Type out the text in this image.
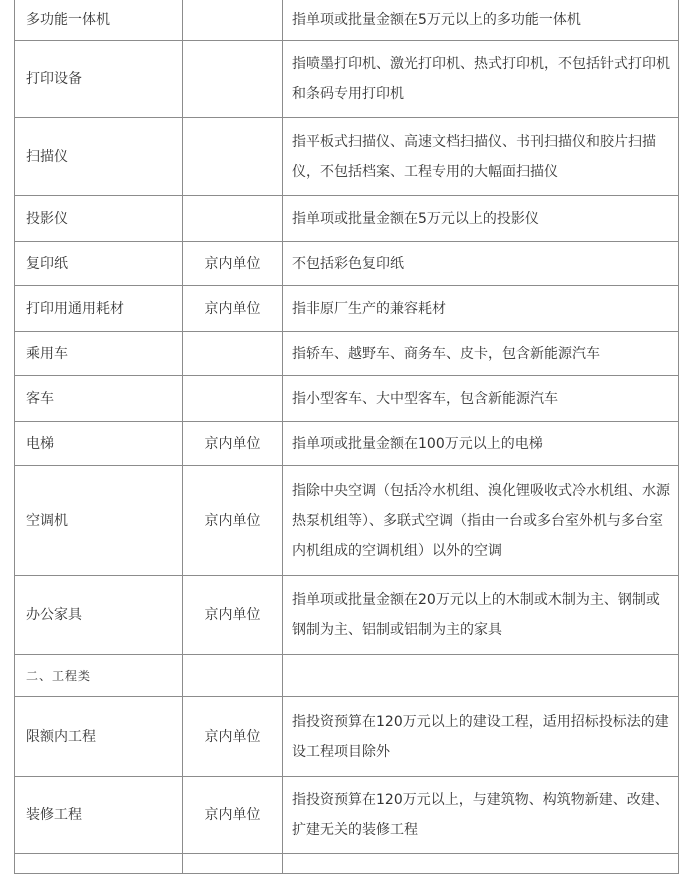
多功能一体机		指单项或批量金额在5万元以上的多功能一体机
打印设备		指喷墨打印机、激光打印机、热式打印机，不包括针式打印机和条码专用打印机
扫描仪		指平板式扫描仪、高速文档扫描仪、书刊扫描仪和胶片扫描仪，不包括档案、工程专用的大幅面扫描仪
投影仪		指单项或批量金额在5万元以上的投影仪
复印纸	京内单位	不包括彩色复印纸
打印用通用耗材	京内单位	指非原厂生产的兼容耗材
乘用车		指轿车、越野车、商务车、皮卡，包含新能源汽车
客车		指小型客车、大中型客车，包含新能源汽车
电梯	京内单位	指单项或批量金额在100万元以上的电梯
空调机	京内单位	指除中央空调（包括冷水机组、溴化锂吸收式冷水机组、水源热泵机组等）、多联式空调（指由一台或多台室外机与多台室内机组成的空调机组）以外的空调
办公家具	京内单位	指单项或批量金额在20万元以上的木制或木制为主、钢制或钢制为主、铝制或铝制为主的家具
二、工程类		
限额内工程	京内单位	指投资预算在120万元以上的建设工程，适用招标投标法的建设工程项目除外
装修工程	京内单位	指投资预算在120万元以上，与建筑物、构筑物新建、改建、扩建无关的装修工程
